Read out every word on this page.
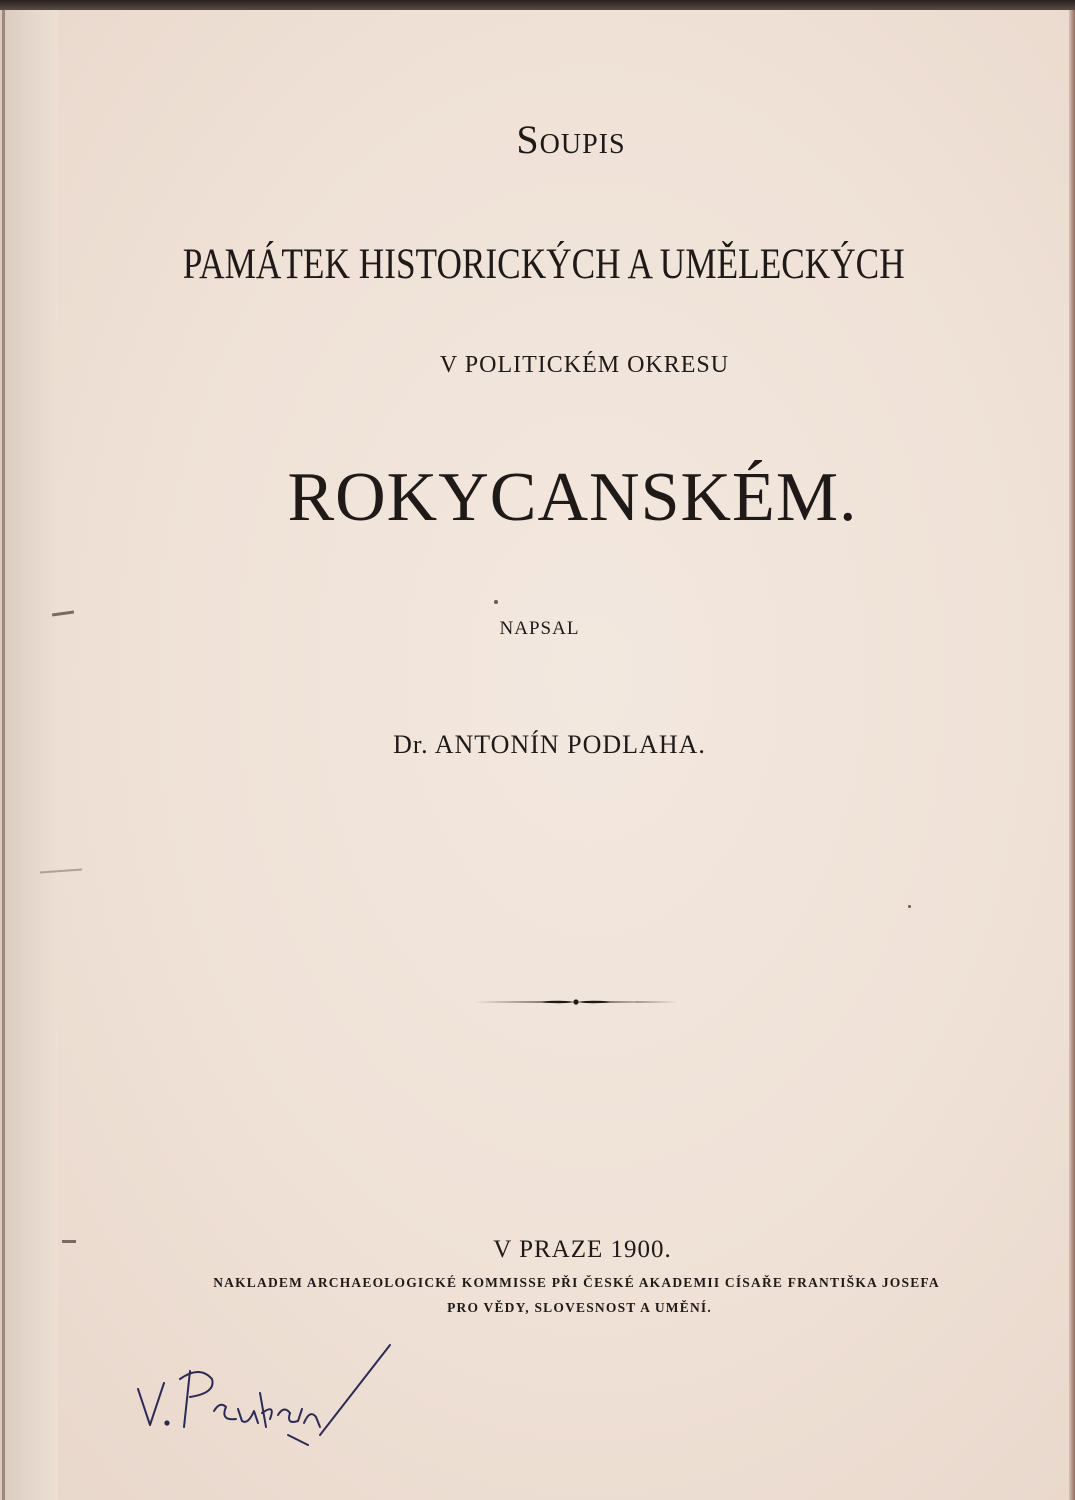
Soupis
PAMÁTEK HISTORICKÝCH A UMĚLECKÝCH
V POLITICKÉM OKRESU
ROKYCANSKÉM.
NAPSAL
Dr. ANTONÍN PODLAHA.
V PRAZE 1900.
NAKLADEM ARCHAEOLOGICKÉ KOMMISSE PŘI ČESKÉ AKADEMII CÍSAŘE FRANTIŠKA JOSEFA
PRO VĚDY, SLOVESNOST A UMĚNÍ.
